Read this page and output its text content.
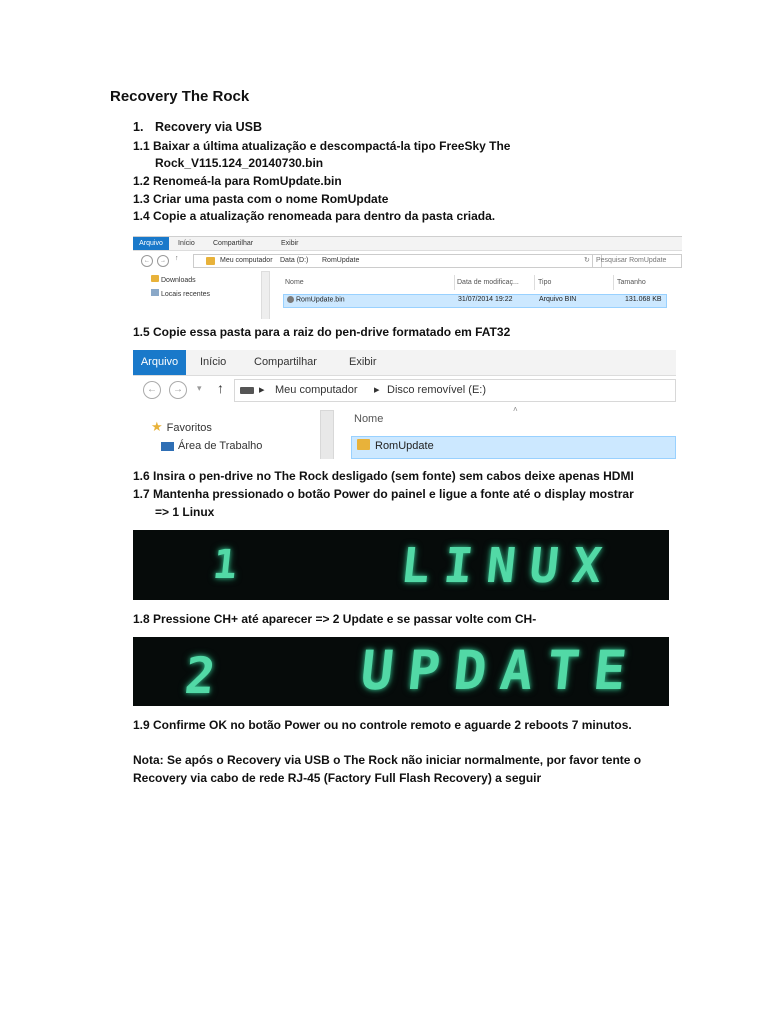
Recovery The Rock
1. Recovery via USB
1.1 Baixar a última atualização e descompactá-la tipo FreeSky The
Rock_V115.124_20140730.bin
1.2 Renomeá-la para RomUpdate.bin
1.3 Criar uma pasta com o nome RomUpdate
1.4 Copie a atualização renomeada para dentro da pasta criada.
Arquivo	Início	Compartilhar	Exibir
←	→	↑	Meu computador Data (D:) RomUpdate	↻ Pesquisar RomUpdate
Downloads
Locais recentes
Nome	Data de modificaç...	Tipo	Tamanho
RomUpdate.bin	31/07/2014 19:22	Arquivo BIN	131.068 KB
1.5 Copie essa pasta para a raiz do pen-drive formatado em FAT32
Arquivo	Início	Compartilhar	Exibir
←	→	▾ ↑	▸ Meu computador ▸ Disco removível (E:)
★ Favoritos
Área de Trabalho
˄
Nome
RomUpdate
1.6 Insira o pen-drive no The Rock desligado (sem fonte) sem cabos deixe apenas HDMI
1.7 Mantenha pressionado o botão Power do painel e ligue a fonte até o display mostrar
=> 1 Linux
1	LINUX
1.8 Pressione CH+ até aparecer => 2 Update e se passar volte com CH-
2 UPDATE
1.9 Confirme OK no botão Power ou no controle remoto e aguarde 2 reboots 7 minutos.
Nota: Se após o Recovery via USB o The Rock não iniciar normalmente, por favor tente o
Recovery via cabo de rede RJ-45 (Factory Full Flash Recovery) a seguir
